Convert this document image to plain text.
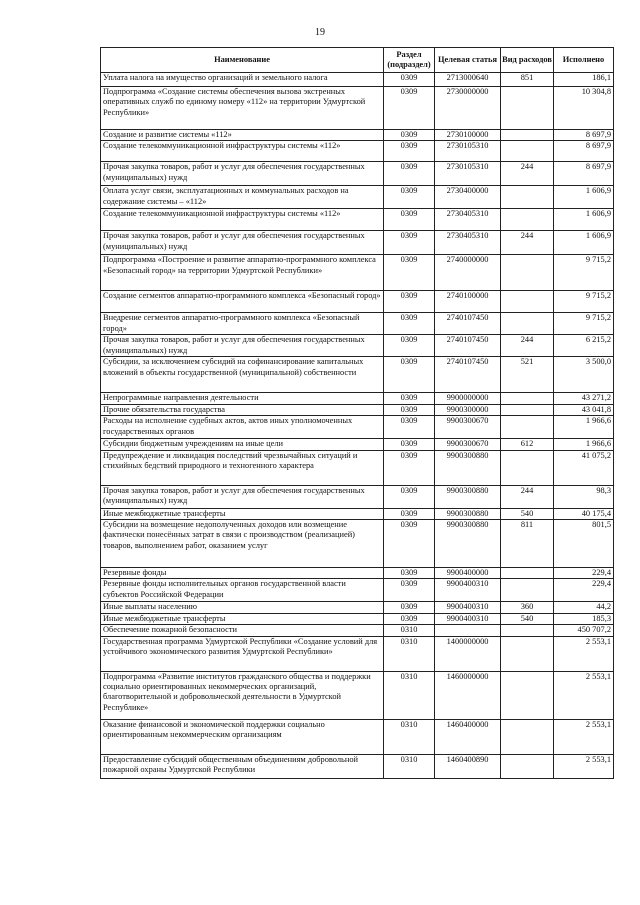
19
Наименование	Раздел (подраздел)	Целевая статья	Вид расходов	Исполнено
Уплата налога на имущество организаций и земельного налога	0309	2713000640	851	186,1
Подпрограмма «Создание системы обеспечения вызова экстренных оперативных служб по единому номеру «112» на территории Удмуртской Республики»	0309	2730000000		10 304,8
Создание и развитие системы «112»	0309	2730100000		8 697,9
Создание телекоммуникационной инфраструктуры системы «112»	0309	2730105310		8 697,9
Прочая закупка товаров, работ и услуг для обеспечения государственных (муниципальных) нужд	0309	2730105310	244	8 697,9
Оплата услуг связи, эксплуатационных и коммунальных расходов на содержание системы – «112»	0309	2730400000		1 606,9
Создание телекоммуникационной инфраструктуры системы «112»	0309	2730405310		1 606,9
Прочая закупка товаров, работ и услуг для обеспечения государственных (муниципальных) нужд	0309	2730405310	244	1 606,9
Подпрограмма «Построение и развитие аппаратно-программного комплекса «Безопасный город» на территории Удмуртской Республики»	0309	2740000000		9 715,2
Создание сегментов аппаратно-программного комплекса «Безопасный город»	0309	2740100000		9 715,2
Внедрение сегментов аппаратно-программного комплекса «Безопасный город»	0309	2740107450		9 715,2
Прочая закупка товаров, работ и услуг для обеспечения государственных (муниципальных) нужд	0309	2740107450	244	6 215,2
Субсидии, за исключением субсидий на софинансирование капитальных вложений в объекты государственной (муниципальной) собственности	0309	2740107450	521	3 500,0
Непрограммные направления деятельности	0309	9900000000		43 271,2
Прочие обязательства государства	0309	9900300000		43 041,8
Расходы на исполнение судебных актов, актов иных уполномоченных государственных органов	0309	9900300670		1 966,6
Субсидии бюджетным учреждениям на иные цели	0309	9900300670	612	1 966,6
Предупреждение и ликвидация последствий чрезвычайных ситуаций и стихийных бедствий природного и техногенного характера	0309	9900300880		41 075,2
Прочая закупка товаров, работ и услуг для обеспечения государственных (муниципальных) нужд	0309	9900300880	244	98,3
Иные межбюджетные трансферты	0309	9900300880	540	40 175,4
Субсидии на возмещение недополученных доходов или возмещение фактически понесённых затрат в связи с производством (реализацией) товаров, выполнением работ, оказанием услуг	0309	9900300880	811	801,5
Резервные фонды	0309	9900400000		229,4
Резервные фонды исполнительных органов государственной власти субъектов Российской Федерации	0309	9900400310		229,4
Иные выплаты населению	0309	9900400310	360	44,2
Иные межбюджетные трансферты	0309	9900400310	540	185,3
Обеспечение пожарной безопасности	0310			450 707,2
Государственная программа Удмуртской Республики «Создание условий для устойчивого экономического развития Удмуртской Республики»	0310	1400000000		2 553,1
Подпрограмма «Развитие институтов гражданского общества и поддержки социально ориентированных некоммерческих организаций, благотворительной и добровольческой деятельности в Удмуртской Республике»	0310	1460000000		2 553,1
Оказание финансовой и экономической поддержки социально ориентированным некоммерческим организациям	0310	1460400000		2 553,1
Предоставление субсидий общественным объединениям добровольной пожарной охраны Удмуртской Республики	0310	1460400890		2 553,1
